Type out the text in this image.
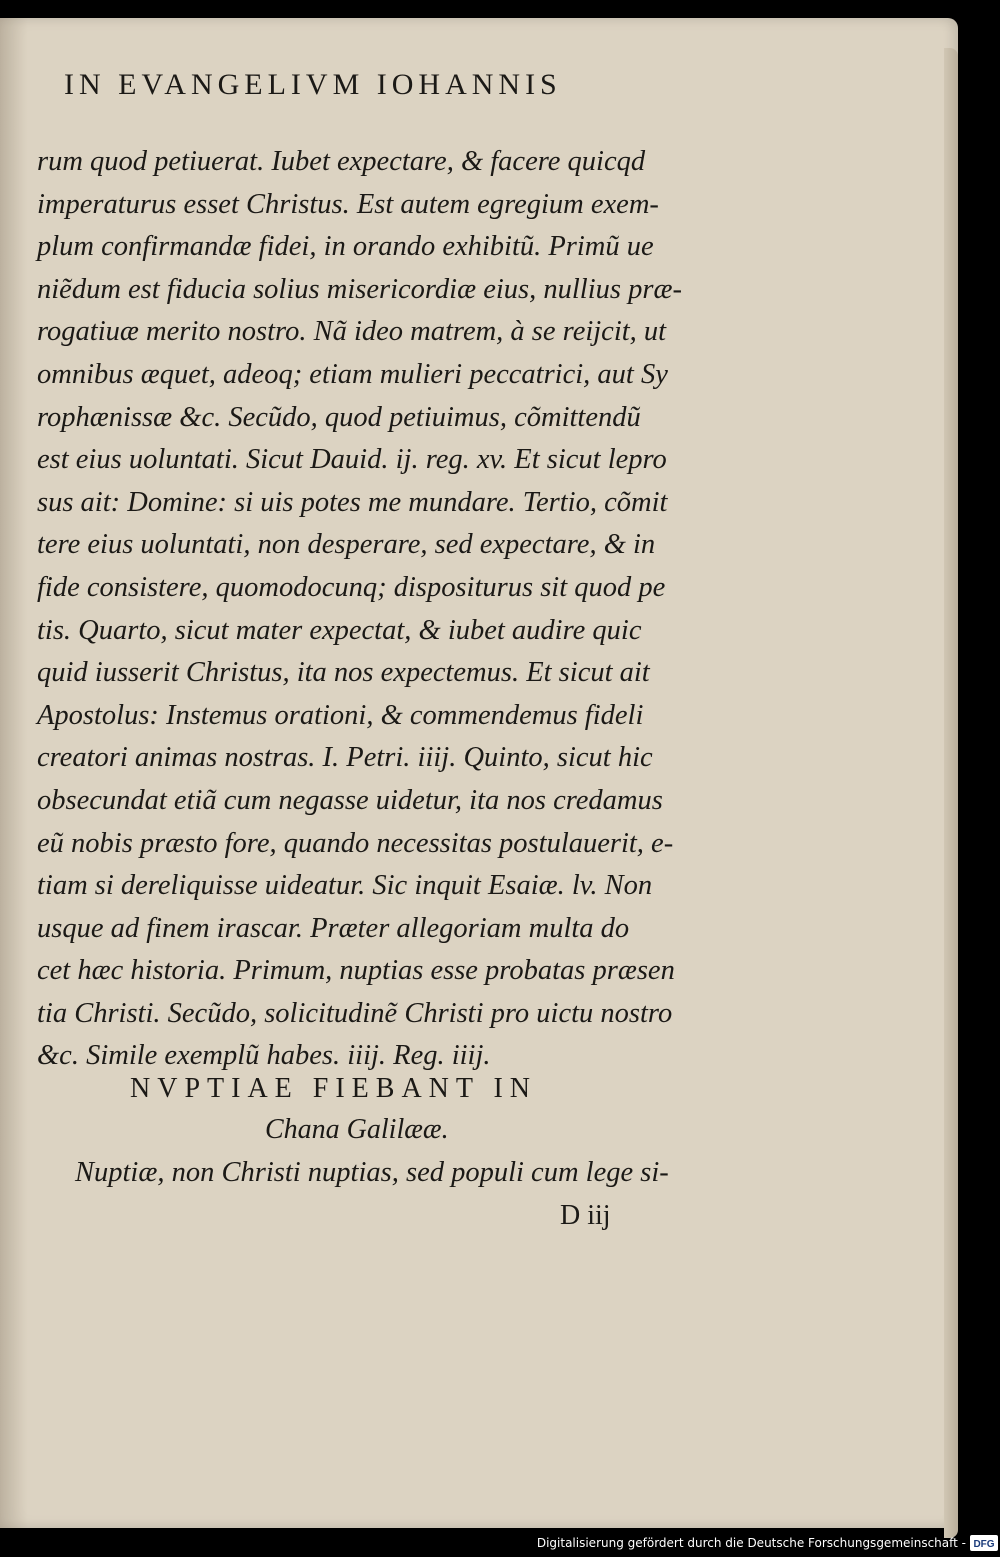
IN EVANGELIVM IOHANNIS
rum quod petiuerat. Iubet expectare, & facere quicqd
imperaturus esset Christus. Est autem egregium exem-
plum confirmandæ fidei, in orando exhibitũ. Primũ ue
niẽdum est fiducia solius misericordiæ eius, nullius præ-
rogatiuæ merito nostro. Nã ideo matrem, à se reijcit, ut
omnibus æquet, adeoq; etiam mulieri peccatrici, aut Sy
rophænissæ &c. Secũdo, quod petiuimus, cõmittendũ
est eius uoluntati. Sicut Dauid. ij. reg. xv. Et sicut lepro
sus ait: Domine: si uis potes me mundare. Tertio, cõmit
tere eius uoluntati, non desperare, sed expectare, & in
fide consistere, quomodocunq; dispositurus sit quod pe
tis. Quarto, sicut mater expectat, & iubet audire quic
quid iusserit Christus, ita nos expectemus. Et sicut ait
Apostolus: Instemus orationi, & commendemus fideli
creatori animas nostras. I. Petri. iiij. Quinto, sicut hic
obsecundat etiã cum negasse uidetur, ita nos credamus
eũ nobis præsto fore, quando necessitas postulauerit, e-
tiam si dereliquisse uideatur. Sic inquit Esaiæ. lv. Non
usque ad finem irascar. Præter allegoriam multa do
cet hæc historia. Primum, nuptias esse probatas præsen
tia Christi. Secũdo, solicitudinẽ Christi pro uictu nostro
&c. Simile exemplũ habes. iiij. Reg. iiij.
NVPTIAE FIEBANT IN
Chana Galilææ.
Nuptiæ, non Christi nuptias, sed populi cum lege si-
D iij
Digitalisierung gefördert durch die Deutsche Forschungsgemeinschaft - DFG
